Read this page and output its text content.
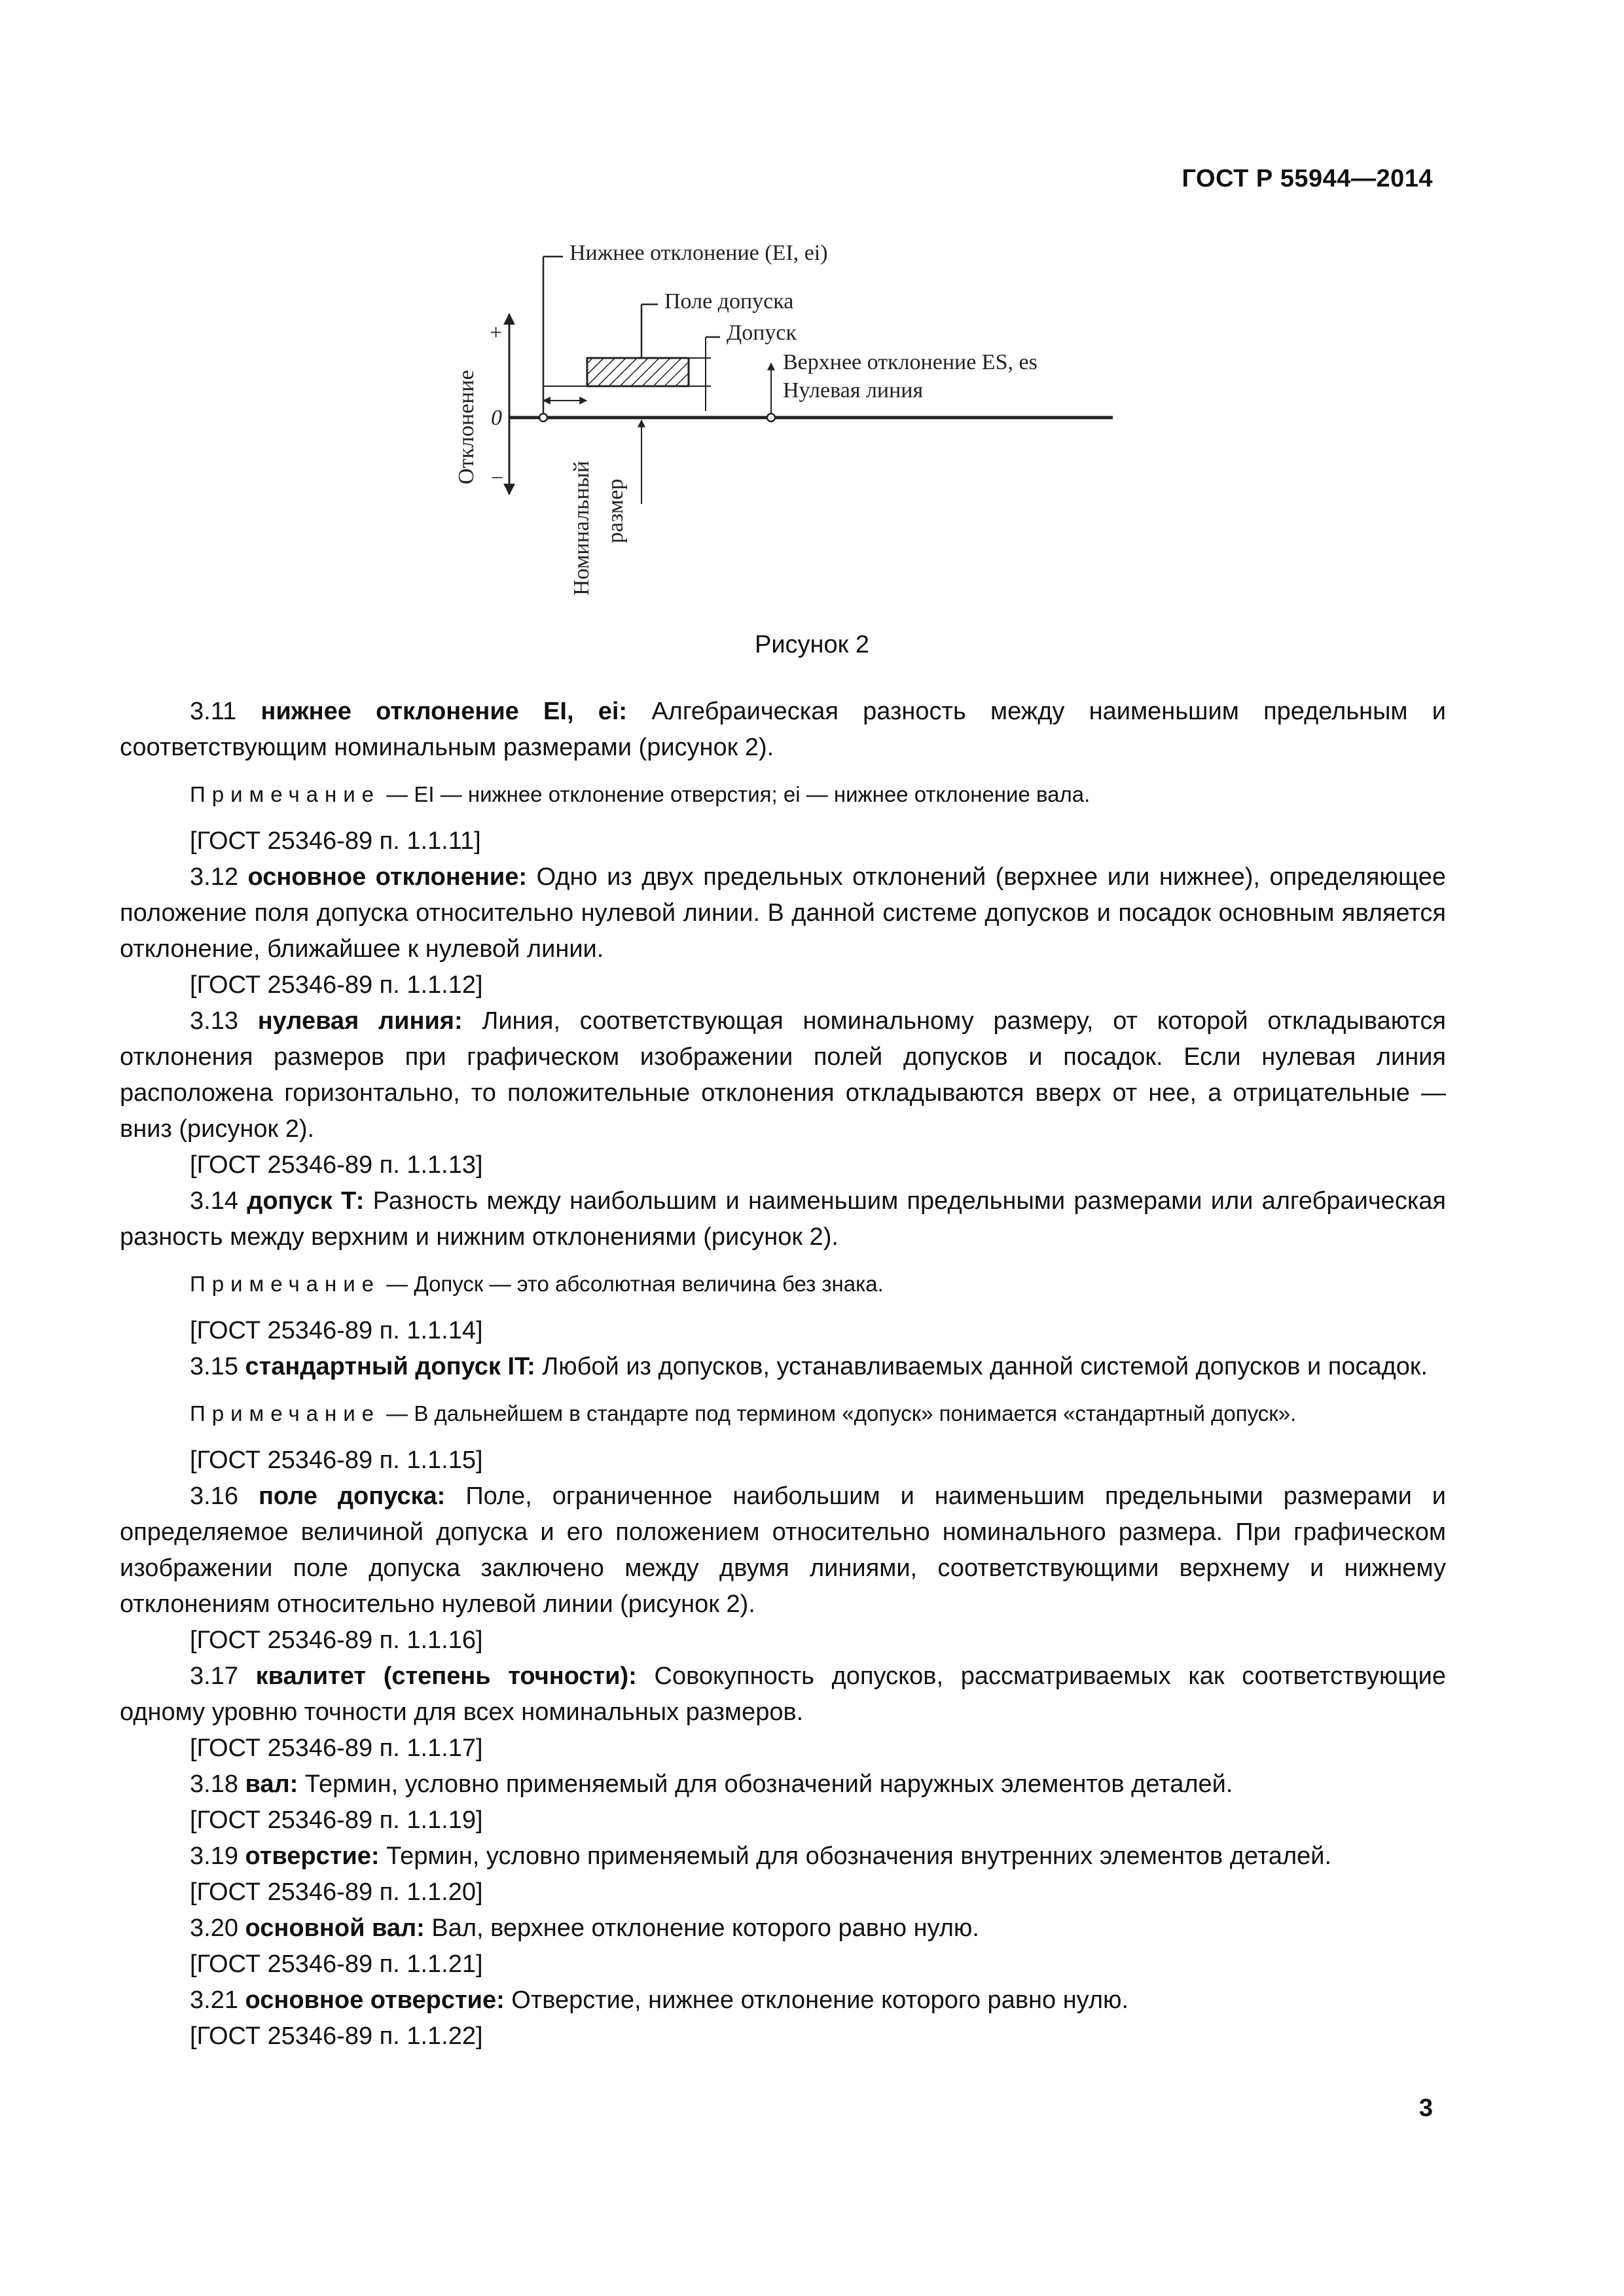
ГОСТ Р 55944—2014
Нижнее отклонение (EI, ei)
Поле допуска
Допуск
Верхнее отклонение ES, es
Нулевая линия
+
0
−
Отклонение
Номинальный размер
Рисунок 2

3.11 нижнее отклонение EI, ei: Алгебраическая разность между наименьшим предельным и соответствующим номинальным размерами (рисунок 2).

Примечание — EI — нижнее отклонение отверстия; ei — нижнее отклонение вала.

[ГОСТ 25346-89 п. 1.1.11]

3.12 основное отклонение: Одно из двух предельных отклонений (верхнее или нижнее), определяющее положение поля допуска относительно нулевой линии. В данной системе допусков и посадок основным является отклонение, ближайшее к нулевой линии.

[ГОСТ 25346-89 п. 1.1.12]

3.13 нулевая линия: Линия, соответствующая номинальному размеру, от которой откладываются отклонения размеров при графическом изображении полей допусков и посадок. Если нулевая линия расположена горизонтально, то положительные отклонения откладываются вверх от нее, а отрицательные — вниз (рисунок 2).

[ГОСТ 25346-89 п. 1.1.13]

3.14 допуск Т: Разность между наибольшим и наименьшим предельными размерами или алгебраическая разность между верхним и нижним отклонениями (рисунок 2).

Примечание — Допуск — это абсолютная величина без знака.

[ГОСТ 25346-89 п. 1.1.14]

3.15 стандартный допуск IT: Любой из допусков, устанавливаемых данной системой допусков и посадок.

Примечание — В дальнейшем в стандарте под термином «допуск» понимается «стандартный допуск».

[ГОСТ 25346-89 п. 1.1.15]

3.16 поле допуска: Поле, ограниченное наибольшим и наименьшим предельными размерами и определяемое величиной допуска и его положением относительно номинального размера. При графическом изображении поле допуска заключено между двумя линиями, соответствующими верхнему и нижнему отклонениям относительно нулевой линии (рисунок 2).

[ГОСТ 25346-89 п. 1.1.16]

3.17 квалитет (степень точности): Совокупность допусков, рассматриваемых как соответствующие одному уровню точности для всех номинальных размеров.

[ГОСТ 25346-89 п. 1.1.17]

3.18 вал: Термин, условно применяемый для обозначений наружных элементов деталей.

[ГОСТ 25346-89 п. 1.1.19]

3.19 отверстие: Термин, условно применяемый для обозначения внутренних элементов деталей.

[ГОСТ 25346-89 п. 1.1.20]

3.20 основной вал: Вал, верхнее отклонение которого равно нулю.

[ГОСТ 25346-89 п. 1.1.21]

3.21 основное отверстие: Отверстие, нижнее отклонение которого равно нулю.

[ГОСТ 25346-89 п. 1.1.22]

3
